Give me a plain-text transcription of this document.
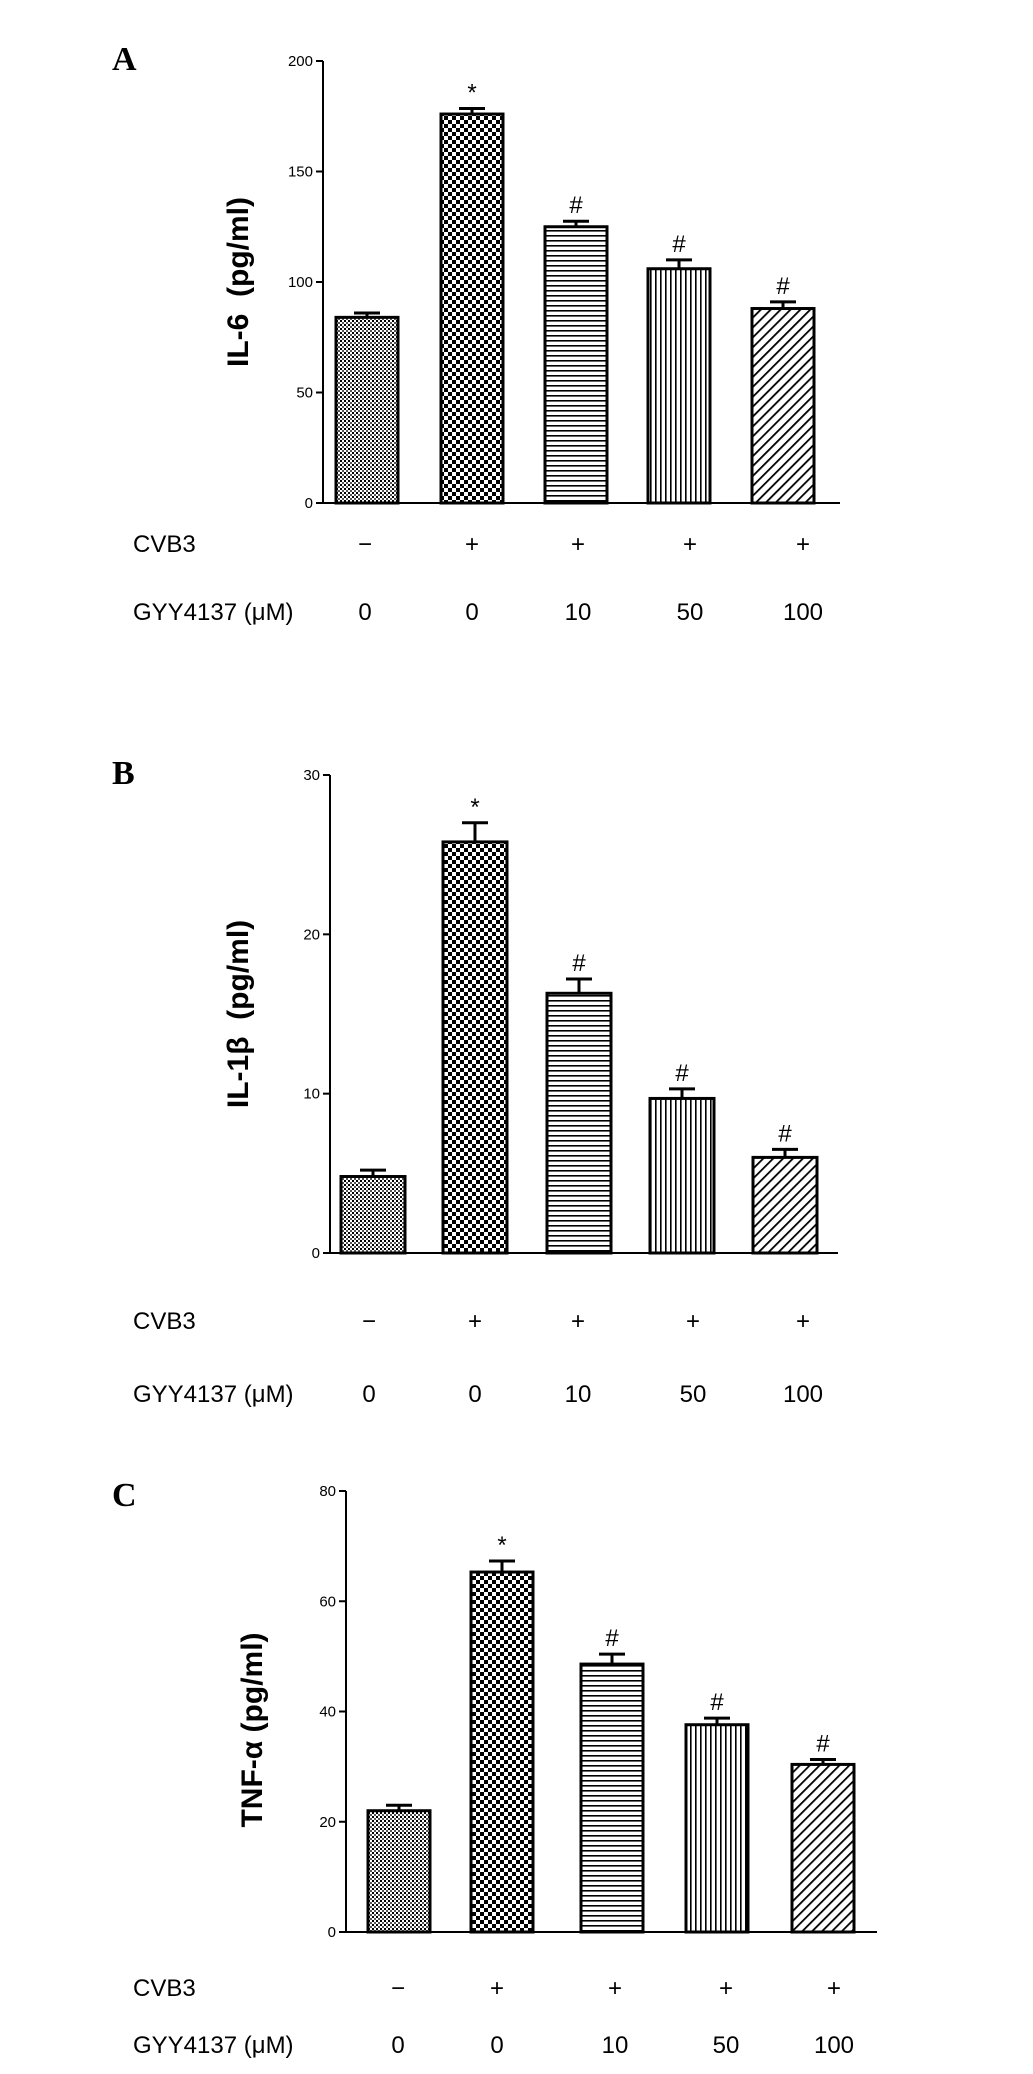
A
0
50
100
150
200
IL-6  (pg/ml)
*
#
#
#
CVB3	−	+	+	+	+
GYY4137 (μM)	0	0	10	50	100
B
0
10
20
30
IL-1β  (pg/ml)
*
#
#
#
CVB3	−	+	+	+	+
GYY4137 (μM)	0	0	10	50	100
C
0
20
40
60
80
TNF-α (pg/ml)
*
#
#
#
CVB3	−	+	+	+	+
GYY4137 (μM)	0	0	10	50	100
